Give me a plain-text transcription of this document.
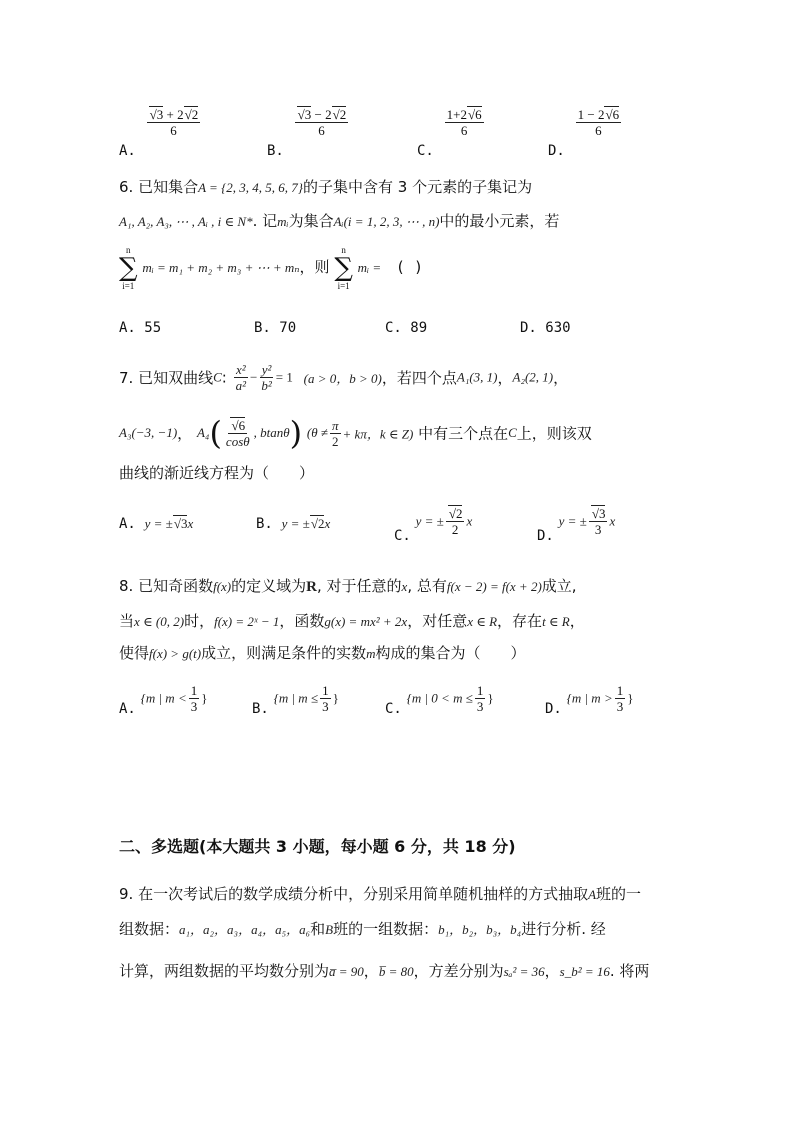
A.
√ $\frac{3 + 2 √ 2}{6}$
B.
√ $\frac{3 - 2 √ 2}{6}$
C.
$\frac{1+2 √ 6}{6}$
D.
$\frac{1 - 2 √ 6}{6}$
6. 已知集合A = {2, 3, 4, 5, 6, 7}的子集中含有 3 个元素的子集记为
A₁, A₂, A₃, ⋯ , Aᵢ , i ∈ N*. 记mᵢ为集合Aᵢ(i = 1, 2, 3, ⋯ , n)中的最小元素，若
n
∑
i=1
mᵢ = m₁ + m₂ + m₃ + ⋯ + mₙ，则
n
∑
i=1
mᵢ = ( )
A. 55	B. 70	C. 89	D. 630
7. 已知双曲线C: $\frac{\text{x²}}{\text{a²}} - \frac{\text{y²}}{\text{b²}} = 1$ (a > 0，b > 0)，若四个点A₁(3, 1)，A₂(2, 1)，
A₃(−3, −1)， A₄( √ $\frac{6}{\cos\theta}$ , btanθ) ($\theta \ne \frac{\pi}{2} + k\pi$，k ∈ Z) 中有三个点在C上，则该双
曲线的渐近线方程为（　　）
A. y = ± √ 3x	B. y = ± √ 2x
C. y = ± √ $\frac{2}{2}$ x
D. y = ± √ $\frac{3}{3}$ x
8. 已知奇函数f(x)的定义域为R, 对于任意的x, 总有f(x − 2) = f(x + 2)成立,
当x ∈ (0, 2)时，f(x) = 2ˣ − 1，函数g(x) = mx² + 2x，对任意x ∈ R，存在t ∈ R，
使得f(x) > g(t)成立，则满足条件的实数m构成的集合为（　　）
A. {m | $m < \frac{1}{3}$ }
B. {m | $m \le \frac{1}{3}$ }
C. {m | $0 < m \le \frac{1}{3}$ }
D. {m | $m > \frac{1}{3}$ }
二、多选题(本大题共 3 小题，每小题 6 分，共 18 分)
9. 在一次考试后的数学成绩分析中，分别采用简单随机抽样的方式抽取A班的一
组数据：a₁，a₂，a₃，a₄，a₅，a₆和B班的一组数据：b₁，b₂，b₃，b₄进行分析. 经
计算，两组数据的平均数分别为a̅ = 90，b̅ = 80，方差分别为sₐ² = 36，s_b² = 16. 将两
